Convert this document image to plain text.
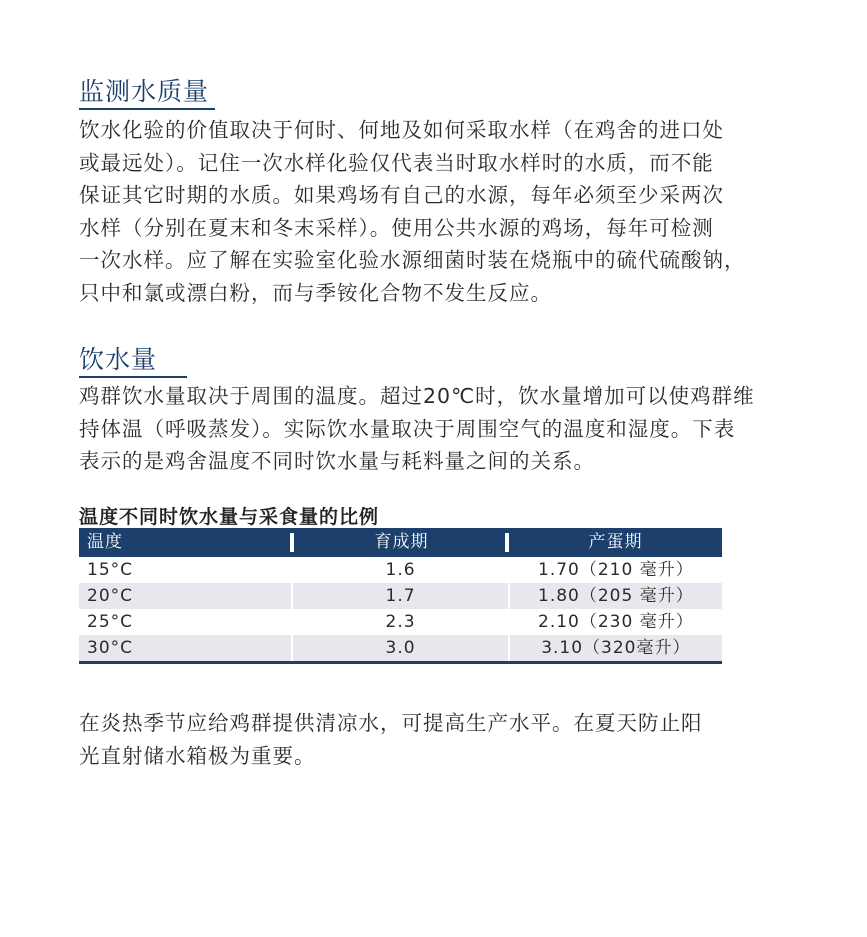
监测水质量
饮水化验的价值取决于何时、何地及如何采取水样（在鸡舍的进口处
或最远处）。记住一次水样化验仅代表当时取水样时的水质，而不能
保证其它时期的水质。如果鸡场有自己的水源，每年必须至少采两次
水样（分别在夏末和冬末采样）。使用公共水源的鸡场，每年可检测
一次水样。应了解在实验室化验水源细菌时装在烧瓶中的硫代硫酸钠，
只中和氯或漂白粉，而与季铵化合物不发生反应。
饮水量
鸡群饮水量取决于周围的温度。超过20℃时，饮水量增加可以使鸡群维
持体温（呼吸蒸发）。实际饮水量取决于周围空气的温度和湿度。下表
表示的是鸡舍温度不同时饮水量与耗料量之间的关系。
温度不同时饮水量与采食量的比例
温度	育成期	产蛋期
15°C	1.6	1.70（210 毫升）
20°C	1.7	1.80（205 毫升）
25°C	2.3	2.10（230 毫升）
30°C	3.0	3.10（320毫升）
在炎热季节应给鸡群提供清凉水，可提高生产水平。在夏天防止阳
光直射储水箱极为重要。
